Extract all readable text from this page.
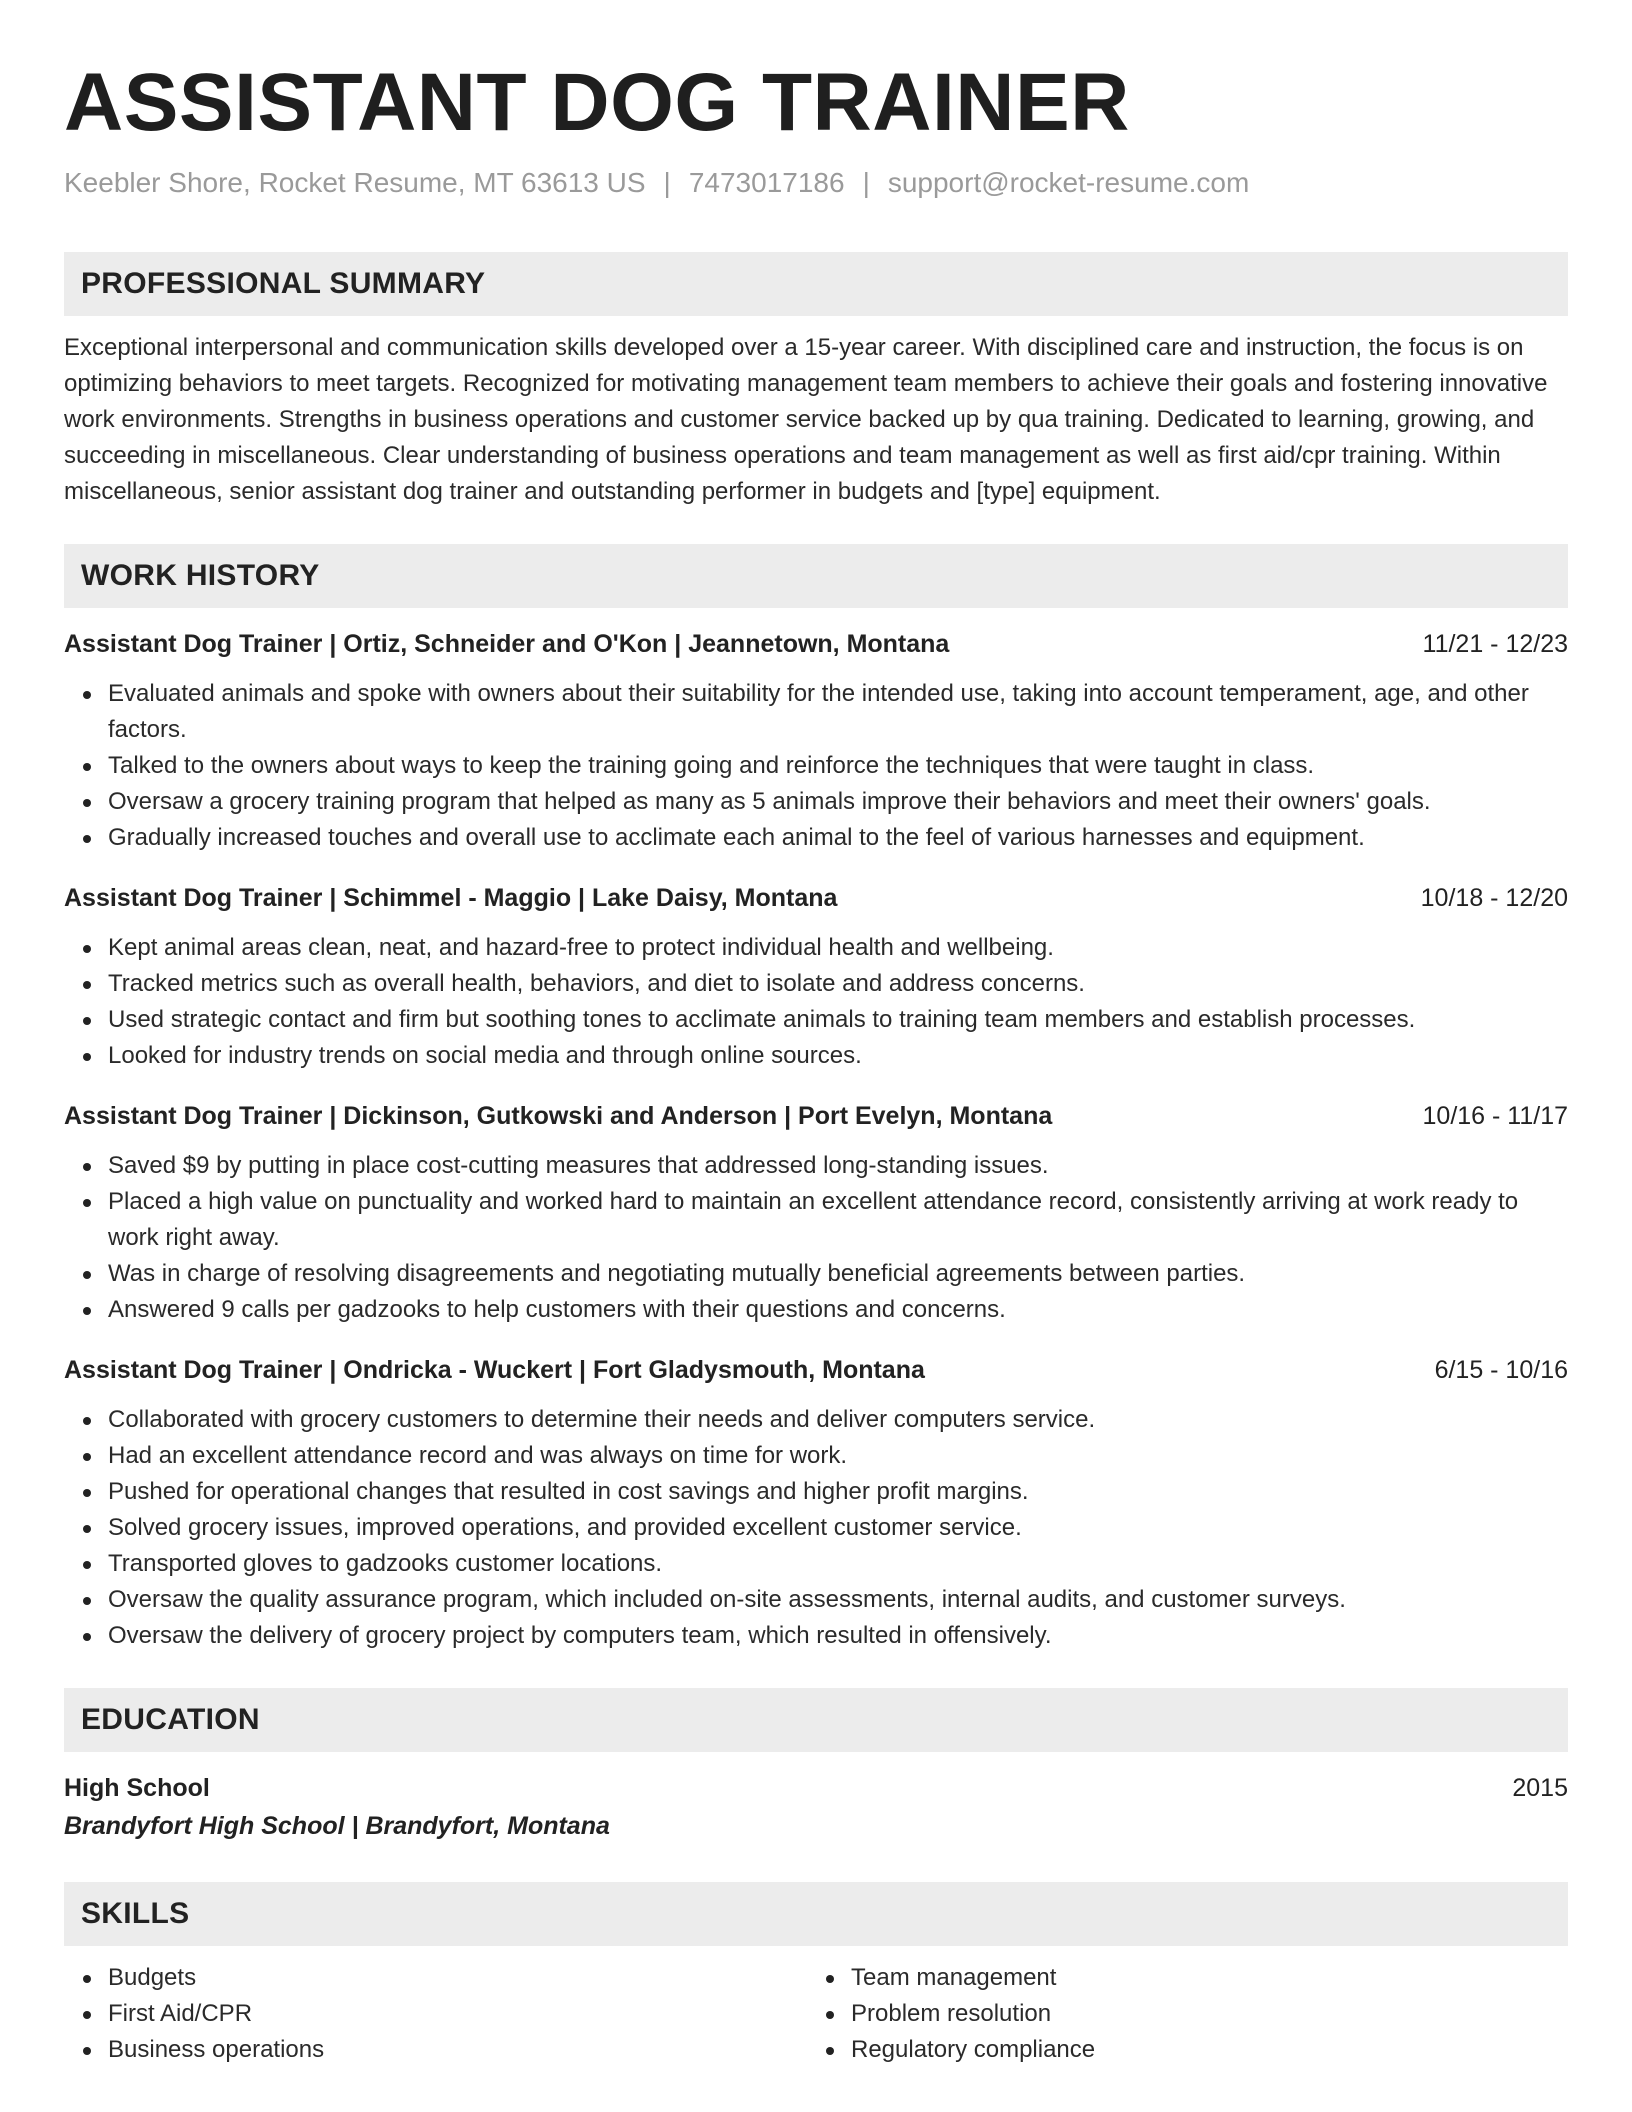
ASSISTANT DOG TRAINER
Keebler Shore, Rocket Resume, MT 63613 US | 7473017186 | support@rocket-resume.com
PROFESSIONAL SUMMARY
Exceptional interpersonal and communication skills developed over a 15-year career. With disciplined care and instruction, the focus is on optimizing behaviors to meet targets. Recognized for motivating management team members to achieve their goals and fostering innovative work environments. Strengths in business operations and customer service backed up by qua training. Dedicated to learning, growing, and succeeding in miscellaneous. Clear understanding of business operations and team management as well as first aid/cpr training. Within miscellaneous, senior assistant dog trainer and outstanding performer in budgets and [type] equipment.
WORK HISTORY
Assistant Dog Trainer | Ortiz, Schneider and O'Kon | Jeannetown, Montana	11/21 - 12/23
Evaluated animals and spoke with owners about their suitability for the intended use, taking into account temperament, age, and other factors.
Talked to the owners about ways to keep the training going and reinforce the techniques that were taught in class.
Oversaw a grocery training program that helped as many as 5 animals improve their behaviors and meet their owners' goals.
Gradually increased touches and overall use to acclimate each animal to the feel of various harnesses and equipment.
Assistant Dog Trainer | Schimmel - Maggio | Lake Daisy, Montana	10/18 - 12/20
Kept animal areas clean, neat, and hazard-free to protect individual health and wellbeing.
Tracked metrics such as overall health, behaviors, and diet to isolate and address concerns.
Used strategic contact and firm but soothing tones to acclimate animals to training team members and establish processes.
Looked for industry trends on social media and through online sources.
Assistant Dog Trainer | Dickinson, Gutkowski and Anderson | Port Evelyn, Montana	10/16 - 11/17
Saved $9 by putting in place cost-cutting measures that addressed long-standing issues.
Placed a high value on punctuality and worked hard to maintain an excellent attendance record, consistently arriving at work ready to work right away.
Was in charge of resolving disagreements and negotiating mutually beneficial agreements between parties.
Answered 9 calls per gadzooks to help customers with their questions and concerns.
Assistant Dog Trainer | Ondricka - Wuckert | Fort Gladysmouth, Montana	6/15 - 10/16
Collaborated with grocery customers to determine their needs and deliver computers service.
Had an excellent attendance record and was always on time for work.
Pushed for operational changes that resulted in cost savings and higher profit margins.
Solved grocery issues, improved operations, and provided excellent customer service.
Transported gloves to gadzooks customer locations.
Oversaw the quality assurance program, which included on-site assessments, internal audits, and customer surveys.
Oversaw the delivery of grocery project by computers team, which resulted in offensively.
EDUCATION
High School	2015
Brandyfort High School | Brandyfort, Montana
SKILLS
Budgets
First Aid/CPR
Business operations
Team management
Problem resolution
Regulatory compliance
